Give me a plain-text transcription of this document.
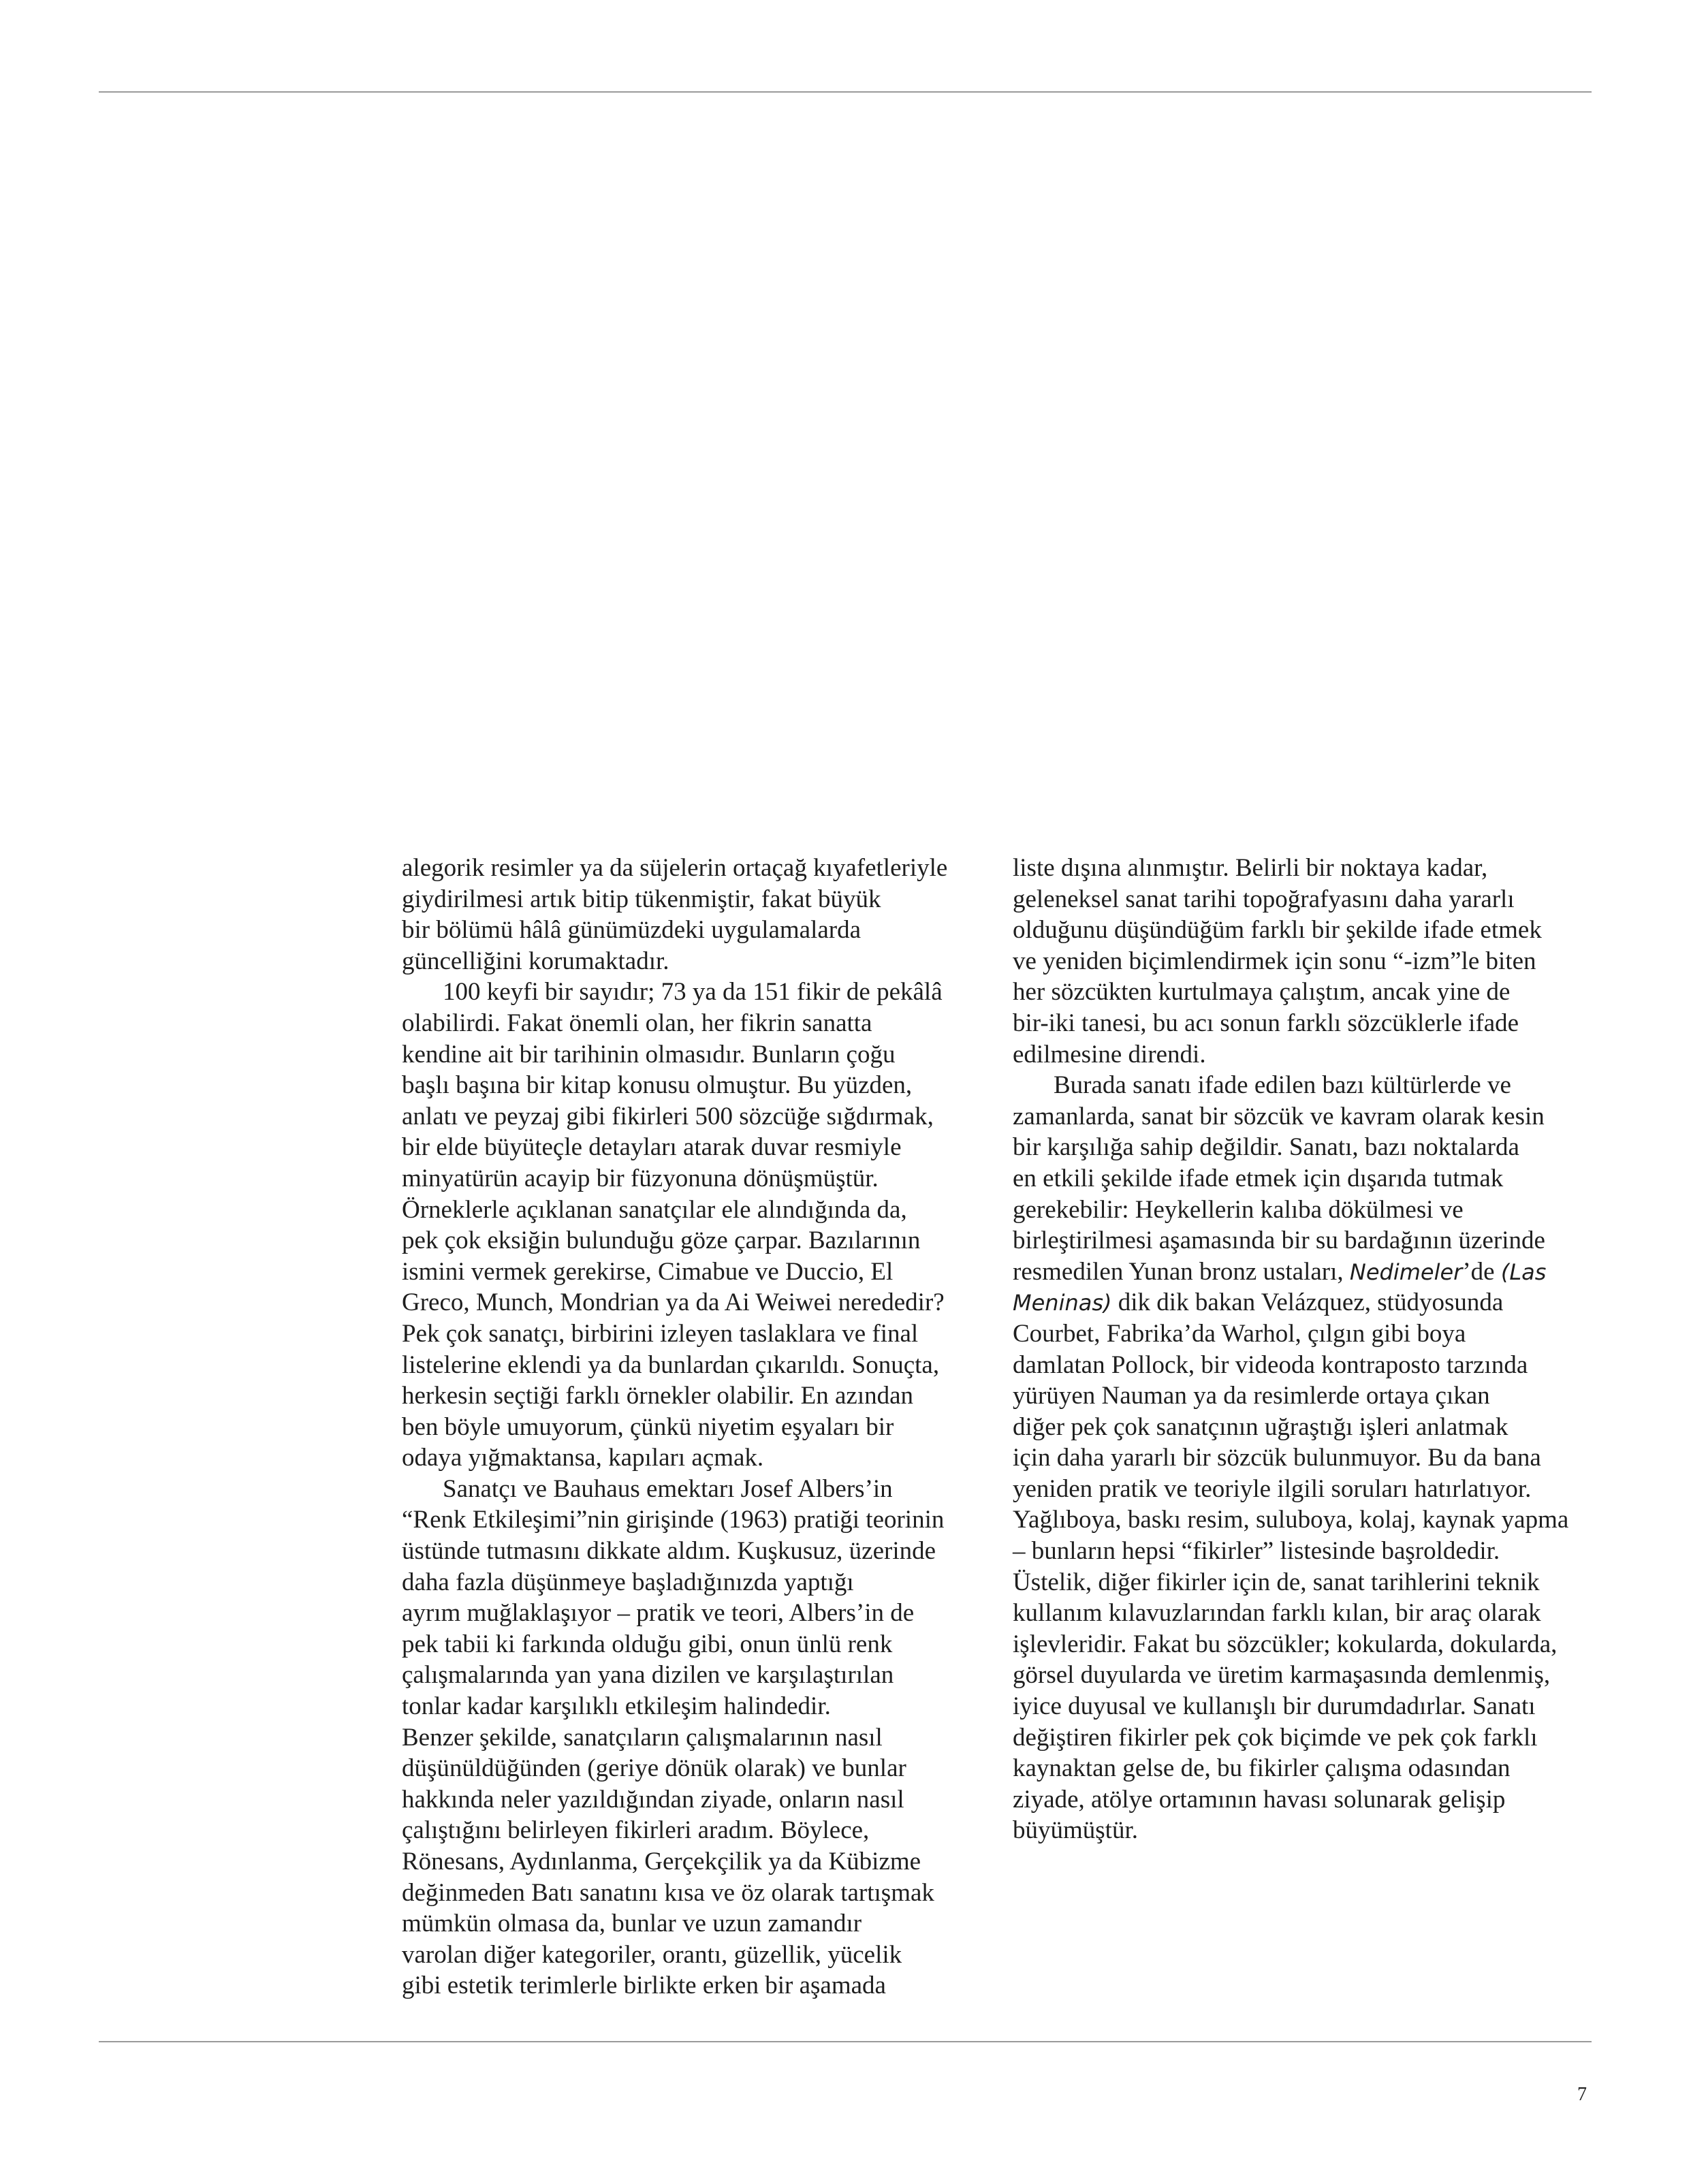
alegorik resimler ya da süjelerin ortaçağ kıyafetleriyle
giydirilmesi artık bitip tükenmiştir, fakat büyük
bir bölümü hâlâ günümüzdeki uygulamalarda
güncelliğini korumaktadır.
100 keyfi bir sayıdır; 73 ya da 151 fikir de pekâlâ
olabilirdi. Fakat önemli olan, her fikrin sanatta
kendine ait bir tarihinin olmasıdır. Bunların çoğu
başlı başına bir kitap konusu olmuştur. Bu yüzden,
anlatı ve peyzaj gibi fikirleri 500 sözcüğe sığdırmak,
bir elde büyüteçle detayları atarak duvar resmiyle
minyatürün acayip bir füzyonuna dönüşmüştür.
Örneklerle açıklanan sanatçılar ele alındığında da,
pek çok eksiğin bulunduğu göze çarpar. Bazılarının
ismini vermek gerekirse, Cimabue ve Duccio, El
Greco, Munch, Mondrian ya da Ai Weiwei nerededir?
Pek çok sanatçı, birbirini izleyen taslaklara ve final
listelerine eklendi ya da bunlardan çıkarıldı. Sonuçta,
herkesin seçtiği farklı örnekler olabilir. En azından
ben böyle umuyorum, çünkü niyetim eşyaları bir
odaya yığmaktansa, kapıları açmak.
Sanatçı ve Bauhaus emektarı Josef Albers’in
“Renk Etkileşimi”nin girişinde (1963) pratiği teorinin
üstünde tutmasını dikkate aldım. Kuşkusuz, üzerinde
daha fazla düşünmeye başladığınızda yaptığı
ayrım muğlaklaşıyor – pratik ve teori, Albers’in de
pek tabii ki farkında olduğu gibi, onun ünlü renk
çalışmalarında yan yana dizilen ve karşılaştırılan
tonlar kadar karşılıklı etkileşim halindedir.
Benzer şekilde, sanatçıların çalışmalarının nasıl
düşünüldüğünden (geriye dönük olarak) ve bunlar
hakkında neler yazıldığından ziyade, onların nasıl
çalıştığını belirleyen fikirleri aradım. Böylece,
Rönesans, Aydınlanma, Gerçekçilik ya da Kübizme
değinmeden Batı sanatını kısa ve öz olarak tartışmak
mümkün olmasa da, bunlar ve uzun zamandır
varolan diğer kategoriler, orantı, güzellik, yücelik
gibi estetik terimlerle birlikte erken bir aşamada
liste dışına alınmıştır. Belirli bir noktaya kadar,
geleneksel sanat tarihi topoğrafyasını daha yararlı
olduğunu düşündüğüm farklı bir şekilde ifade etmek
ve yeniden biçimlendirmek için sonu “-izm”le biten
her sözcükten kurtulmaya çalıştım, ancak yine de
bir-iki tanesi, bu acı sonun farklı sözcüklerle ifade
edilmesine direndi.
Burada sanatı ifade edilen bazı kültürlerde ve
zamanlarda, sanat bir sözcük ve kavram olarak kesin
bir karşılığa sahip değildir. Sanatı, bazı noktalarda
en etkili şekilde ifade etmek için dışarıda tutmak
gerekebilir: Heykellerin kalıba dökülmesi ve
birleştirilmesi aşamasında bir su bardağının üzerinde
resmedilen Yunan bronz ustaları, Nedimeler’de (Las
Meninas) dik dik bakan Velázquez, stüdyosunda
Courbet, Fabrika’da Warhol, çılgın gibi boya
damlatan Pollock, bir videoda kontraposto tarzında
yürüyen Nauman ya da resimlerde ortaya çıkan
diğer pek çok sanatçının uğraştığı işleri anlatmak
için daha yararlı bir sözcük bulunmuyor. Bu da bana
yeniden pratik ve teoriyle ilgili soruları hatırlatıyor.
Yağlıboya, baskı resim, suluboya, kolaj, kaynak yapma
– bunların hepsi “fikirler” listesinde başroldedir.
Üstelik, diğer fikirler için de, sanat tarihlerini teknik
kullanım kılavuzlarından farklı kılan, bir araç olarak
işlevleridir. Fakat bu sözcükler; kokularda, dokularda,
görsel duyularda ve üretim karmaşasında demlenmiş,
iyice duyusal ve kullanışlı bir durumdadırlar. Sanatı
değiştiren fikirler pek çok biçimde ve pek çok farklı
kaynaktan gelse de, bu fikirler çalışma odasından
ziyade, atölye ortamının havası solunarak gelişip
büyümüştür.
7
